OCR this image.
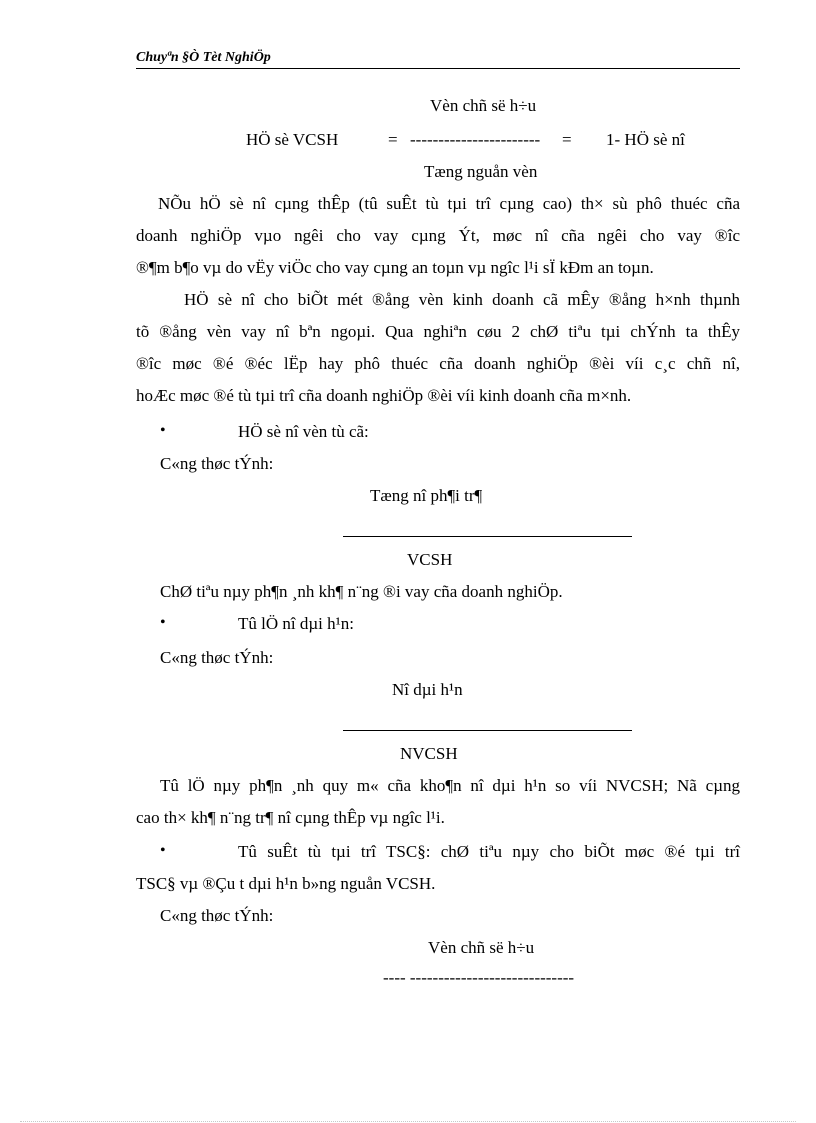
Chuyªn §Ò Tèt NghiÖp
Vèn chñ së h÷u
HÖ sè VCSH	= ----------------------- = 1- HÖ sè nî
Tæng nguån vèn
NÕu hÖ sè nî cµng thÊp (tû suÊt tù tµi trî cµng cao) th× sù phô thuéc cña
doanh nghiÖp vµo ngêi cho vay cµng Ýt, møc nî cña ngêi cho vay ®îc
®¶m b¶o vµ do vËy viÖc cho vay cµng an toµn vµ ngîc l¹i sÏ kÐm an toµn.
HÖ sè nî cho biÕt mét ®ång vèn kinh doanh cã mÊy ®ång h×nh thµnh
tõ ®ång vèn vay nî bªn ngoµi. Qua nghiªn cøu 2 chØ tiªu tµi chÝnh ta thÊy
®îc møc ®é ®éc lËp hay phô thuéc cña doanh nghiÖp ®èi víi c¸c chñ nî,
hoÆc møc ®é tù tµi trî cña doanh nghiÖp ®èi víi kinh doanh cña m×nh.
•	HÖ sè nî vèn tù cã:
C«ng thøc tÝnh:
Tæng nî ph¶i tr¶
VCSH
ChØ tiªu nµy ph¶n ¸nh kh¶ n¨ng ®i vay cña doanh nghiÖp.
•	Tû lÖ nî dµi h¹n:
C«ng thøc tÝnh:
Nî dµi h¹n
NVCSH
Tû lÖ nµy ph¶n ¸nh quy m« cña kho¶n nî dµi h¹n so víi NVCSH; Nã cµng
cao th× kh¶ n¨ng tr¶ nî cµng thÊp vµ ngîc l¹i.
•	Tû suÊt tù tµi trî TSC§: chØ tiªu nµy cho biÕt møc ®é tµi trî
TSC§ vµ ®Çu t dµi h¹n b»ng nguån VCSH.
C«ng thøc tÝnh:
Vèn chñ së h÷u
---- -----------------------------
